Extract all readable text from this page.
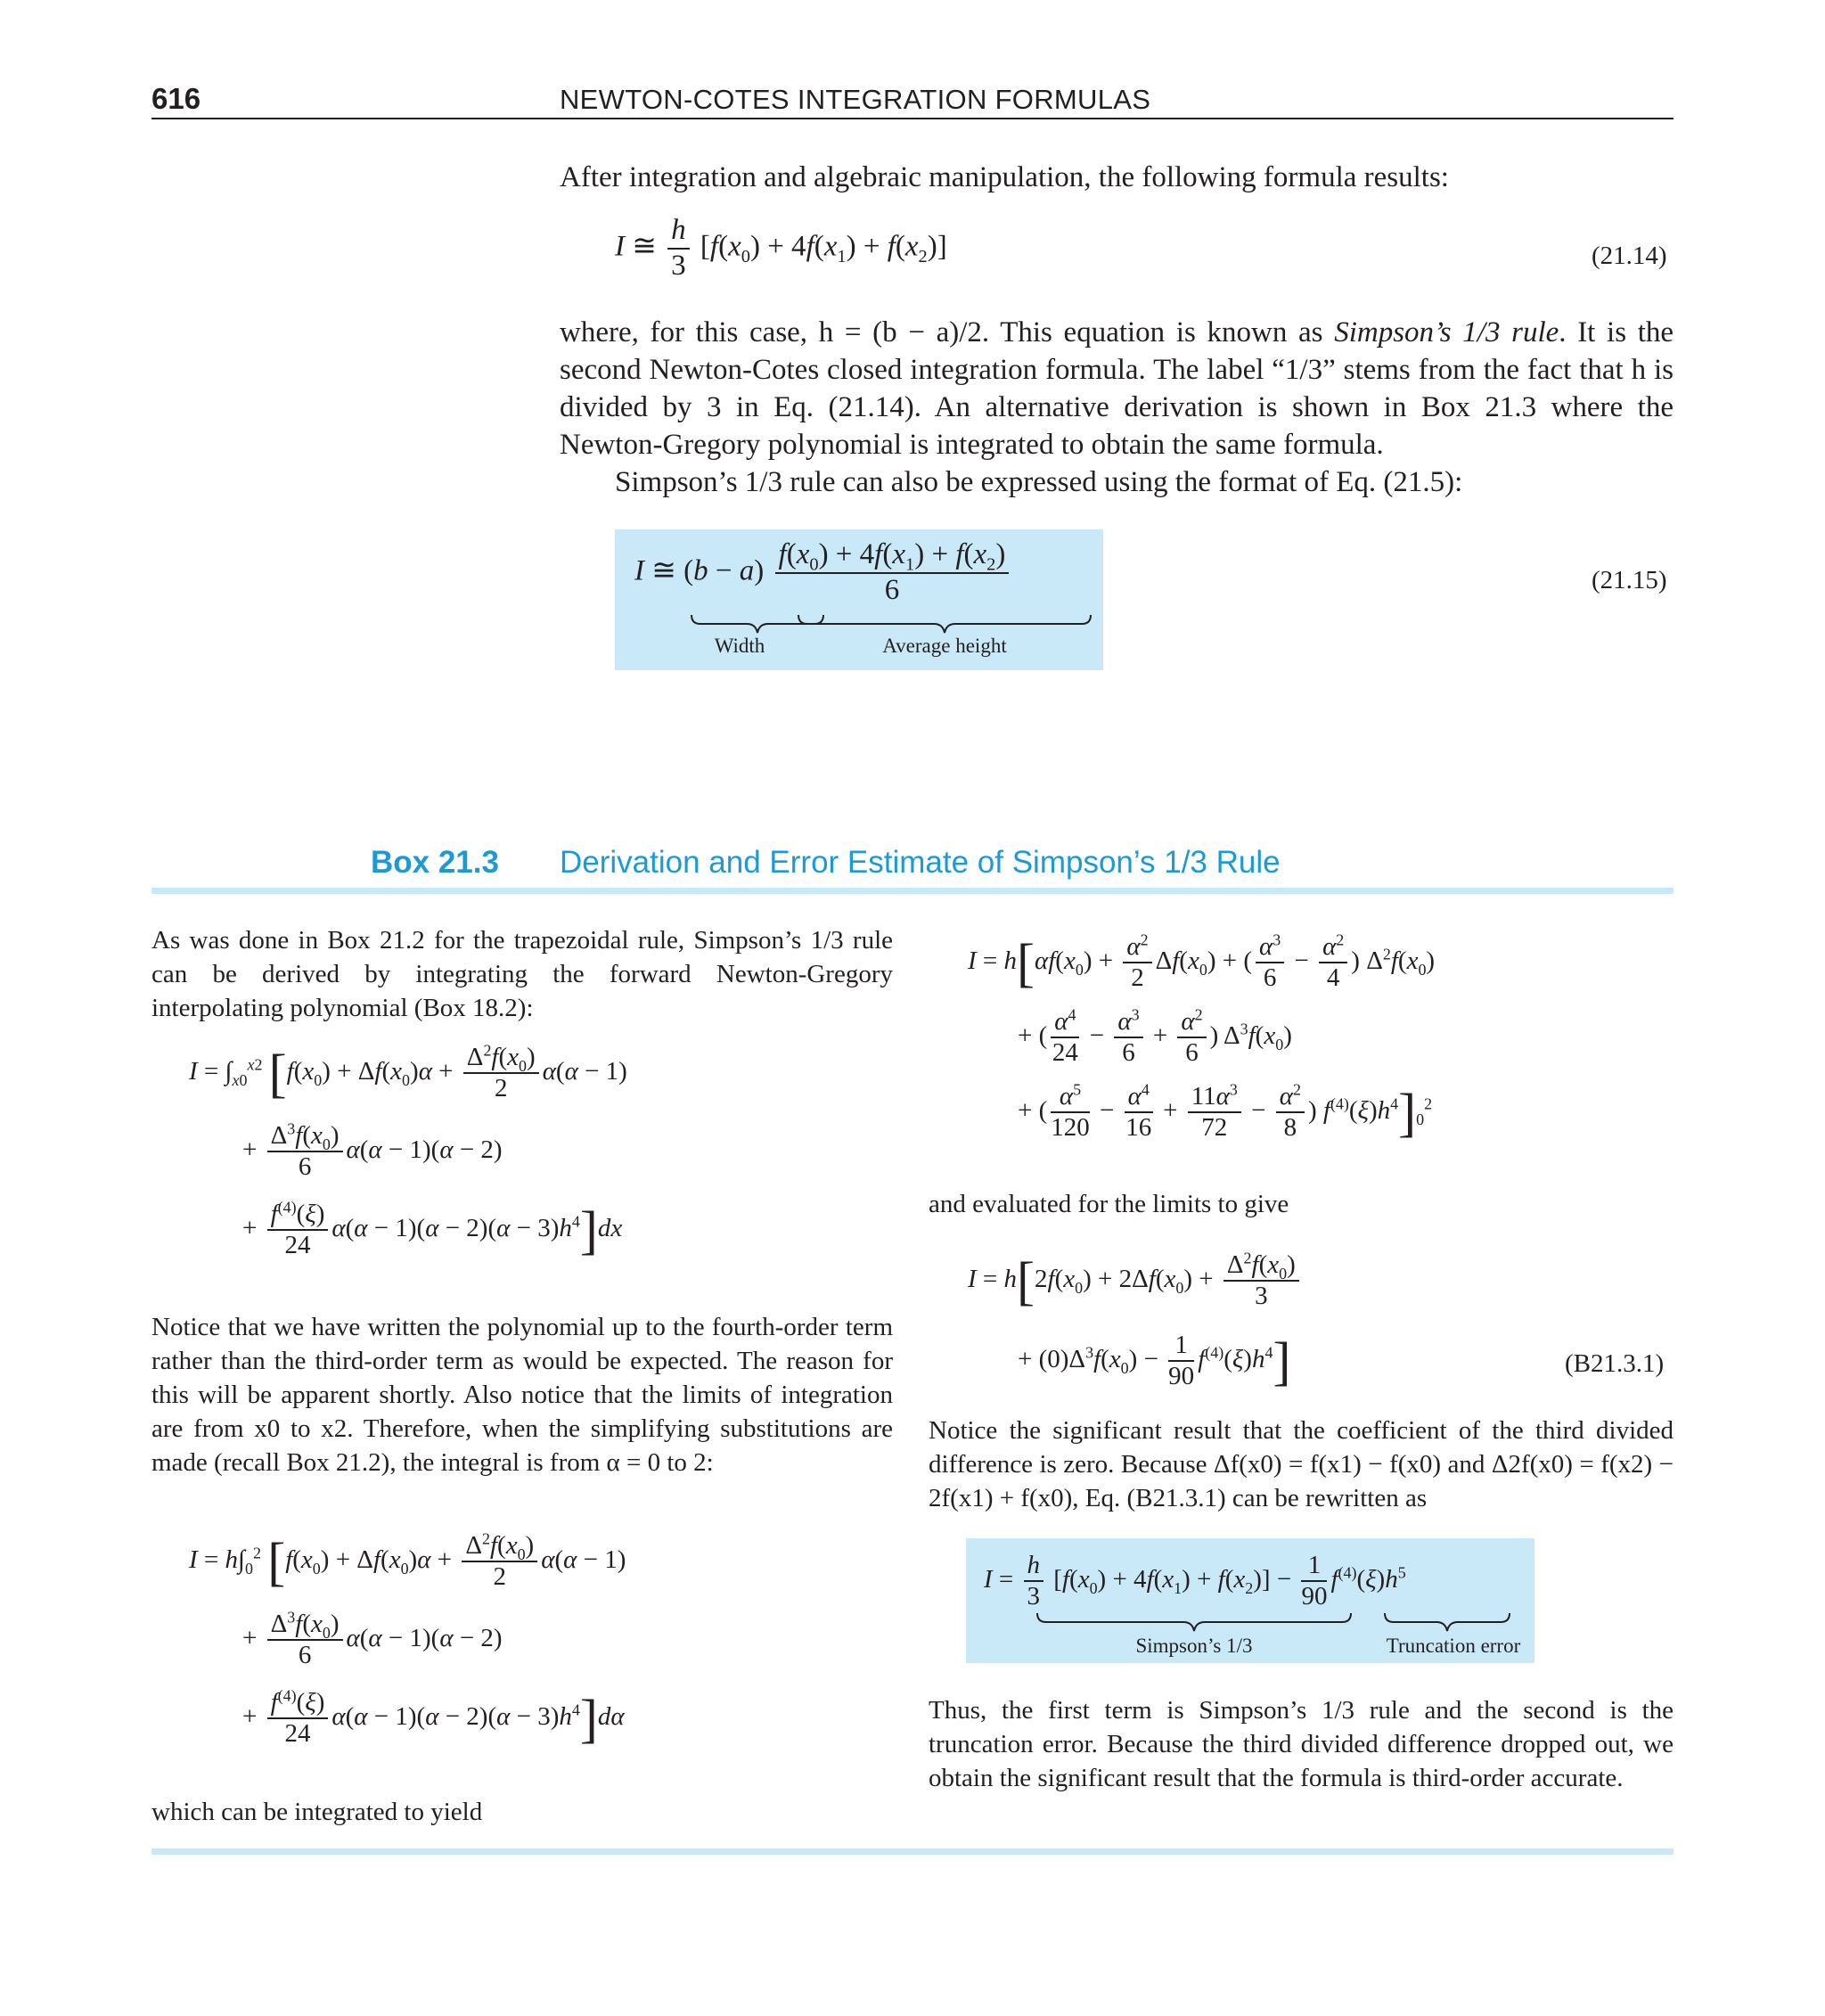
616	NEWTON-COTES INTEGRATION FORMULAS
After integration and algebraic manipulation, the following formula results:
I ≅ $\frac{h}{3} [f(x_0) + 4f(x_1) + f(x_2)]$	(21.14)
where, for this case, h = (b − a)/2. This equation is known as Simpson’s 1/3 rule. It is the second Newton-Cotes closed integration formula. The label “1/3” stems from the fact that h is divided by 3 in Eq. (21.14). An alternative derivation is shown in Box 21.3 where the Newton-Gregory polynomial is integrated to obtain the same formula.
Simpson’s 1/3 rule can also be expressed using the format of Eq. (21.5):
I ≅ $(b - a) \frac{f(x_0) + 4f(x_1) + f(x_2)}{6}$
Width	Average height
(21.15)
Box 21.3 Derivation and Error Estimate of Simpson’s 1/3 Rule
As was done in Box 21.2 for the trapezoidal rule, Simpson’s 1/3 rule can be derived by integrating the forward Newton-Gregory interpolating polynomial (Box 18.2):
$I = \int_{x0}^{x2}$ [$f(x_0) + \Delta f(x_0)\alpha + \frac{\Delta^2f(x_0)}{2} \alpha(\alpha - 1)$
+ $\frac{\Delta^3f(x_0)}{6} \alpha(\alpha - 1)(\alpha - 2)$
+ $\frac{f^{(4)}(\xi)}{24} \alpha(\alpha - 1)(\alpha - 2)(\alpha - 3)h^4]dx$
Notice that we have written the polynomial up to the fourth-order term rather than the third-order term as would be expected. The reason for this will be apparent shortly. Also notice that the limits of integration are from x0 to x2. Therefore, when the simplifying substitutions are made (recall Box 21.2), the integral is from α = 0 to 2:
$I = h\int_0^2$ [$f(x_0) + \Delta f(x_0)\alpha + \frac{\Delta^2f(x_0)}{2} \alpha(\alpha - 1)$
+ $\frac{\Delta^3f(x_0)}{6} \alpha(\alpha - 1)(\alpha - 2)$
+ $\frac{f^{(4)}(\xi)}{24} \alpha(\alpha - 1)(\alpha - 2)(\alpha - 3)h^4]d\alpha$
which can be integrated to yield
$I = h[\alpha f(x_0) + \frac{\alpha^2}{2} \Delta f(x_0)$ + ( $\frac{\alpha^3}{6} - \frac{\alpha^2}{4}$ ) $\Delta^2f(x_0)$
+ ( $\frac{\alpha^4}{24} - \frac{\alpha^3}{6} + \frac{\alpha^2}{6}$ ) $\Delta^3f(x_0)$
+ ( $\frac{\alpha^5}{120} - \frac{\alpha^4}{16} + \frac{11\alpha^3}{72} - \frac{\alpha^2}{8}$ ) $f^{(4)}(\xi)h^4]_0^2$
and evaluated for the limits to give
$I = h[2f(x_0) + 2\Delta f(x_0) + \frac{\Delta^2f(x_0)}{3}$
+ $(0)\Delta^3f(x_0) - \frac{1}{90} f^{(4)}(\xi)h^4$]	(B21.3.1)
Notice the significant result that the coefficient of the third divided difference is zero. Because Δf(x0) = f(x1) − f(x0) and Δ2f(x0) = f(x2) − 2f(x1) + f(x0), Eq. (B21.3.1) can be rewritten as
$I = \frac{h}{3} [f(x_0) + 4f(x_1) + f(x_2)] - \frac{1}{90} f^{(4)}(\xi)h^5$
Simpson’s 1/3	Truncation error
Thus, the first term is Simpson’s 1/3 rule and the second is the truncation error. Because the third divided difference dropped out, we obtain the significant result that the formula is third-order accurate.
